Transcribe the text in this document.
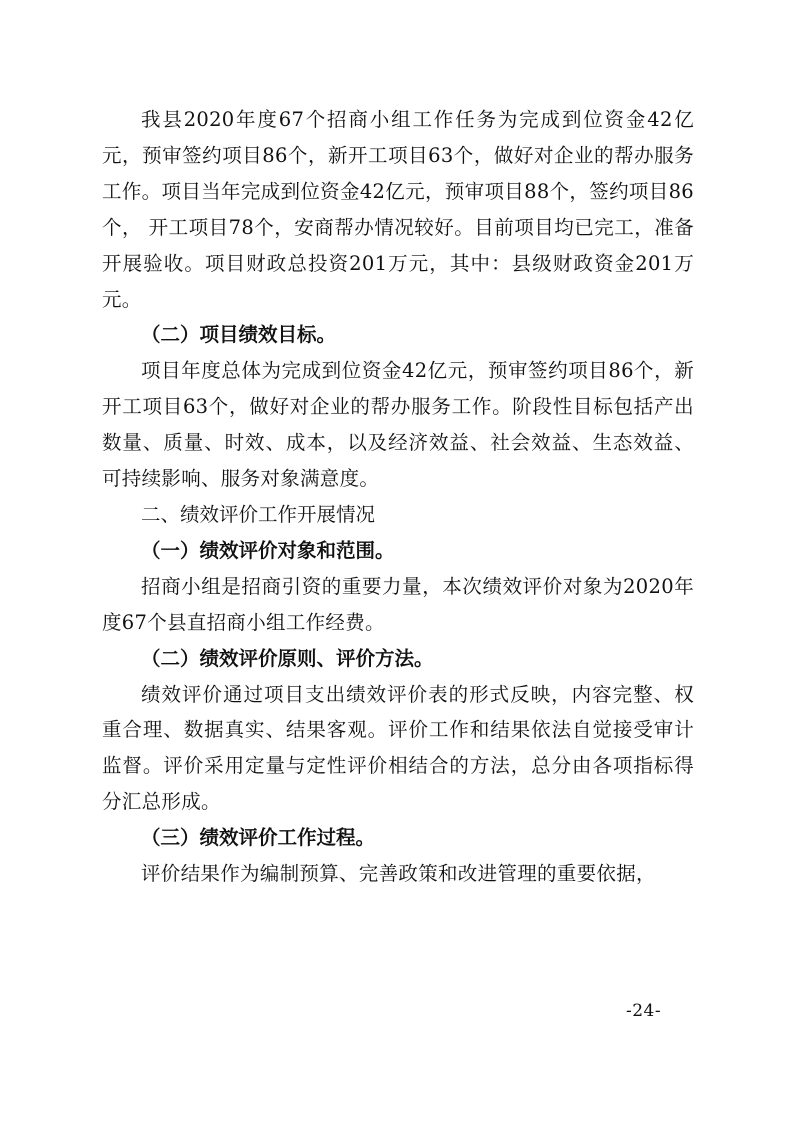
我县2020年度67个招商小组工作任务为完成到位资金42亿元，预审签约项目86个，新开工项目63个，做好对企业的帮办服务工作。项目当年完成到位资金42亿元，预审项目88个，签约项目86个， 开工项目78个，安商帮办情况较好。目前项目均已完工，准备开展验收。项目财政总投资201万元，其中：县级财政资金201万元。

（二）项目绩效目标。

项目年度总体为完成到位资金42亿元，预审签约项目86个，新开工项目63个，做好对企业的帮办服务工作。阶段性目标包括产出数量、质量、时效、成本，以及经济效益、社会效益、生态效益、可持续影响、服务对象满意度。

二、绩效评价工作开展情况

（一）绩效评价对象和范围。

招商小组是招商引资的重要力量，本次绩效评价对象为2020年度67个县直招商小组工作经费。

（二）绩效评价原则、评价方法。

绩效评价通过项目支出绩效评价表的形式反映，内容完整、权重合理、数据真实、结果客观。评价工作和结果依法自觉接受审计监督。评价采用定量与定性评价相结合的方法，总分由各项指标得分汇总形成。

（三）绩效评价工作过程。

评价结果作为编制预算、完善政策和改进管理的重要依据，

-24-
